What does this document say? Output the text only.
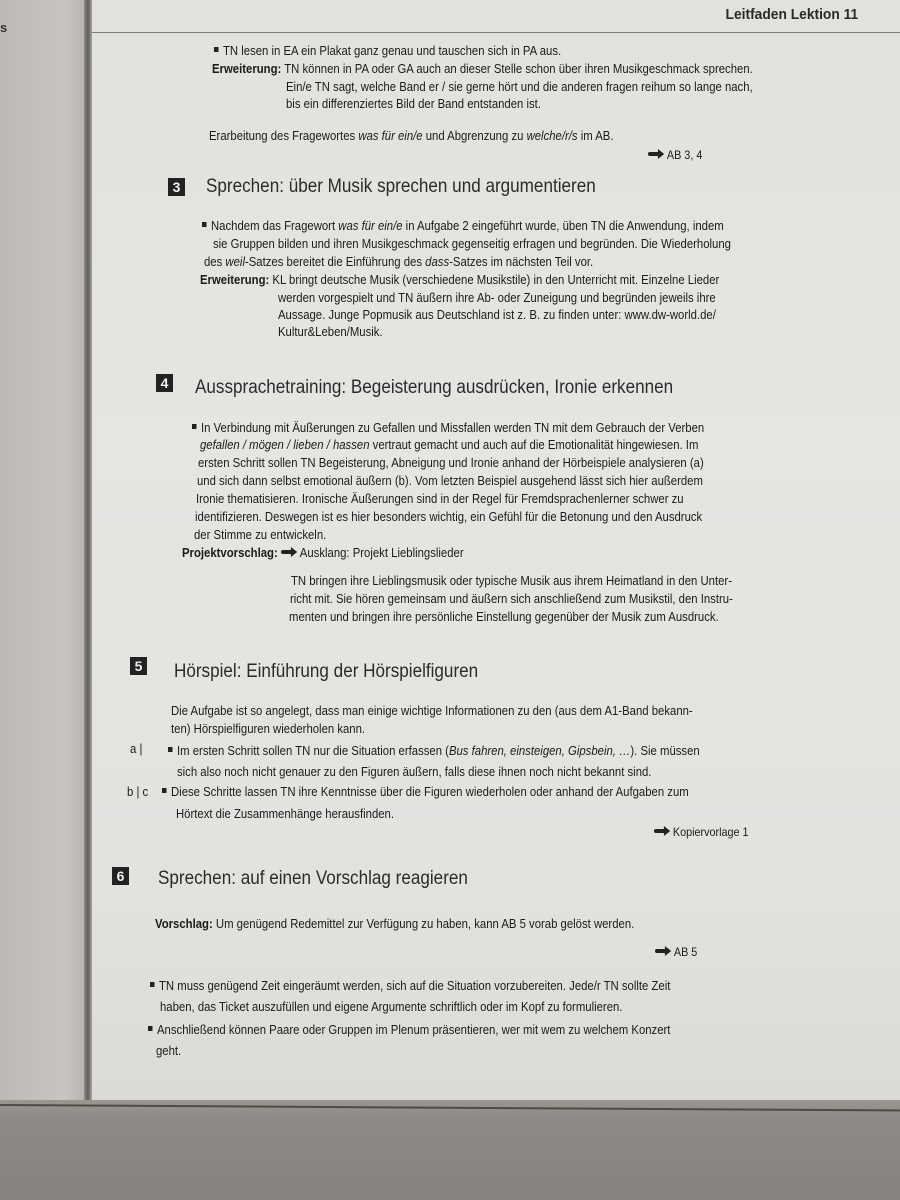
s
Leitfaden Lektion 11
TN lesen in EA ein Plakat ganz genau und tauschen sich in PA aus.
Erweiterung: TN können in PA oder GA auch an dieser Stelle schon über ihren Musikgeschmack sprechen.
Ein/e TN sagt, welche Band er / sie gerne hört und die anderen fragen reihum so lange nach,
bis ein differenziertes Bild der Band entstanden ist.
Erarbeitung des Fragewortes was für ein/e und Abgrenzung zu welche/r/s im AB.
AB 3, 4
3 Sprechen: über Musik sprechen und argumentieren
Nachdem das Fragewort was für ein/e in Aufgabe 2 eingeführt wurde, üben TN die Anwendung, indem
sie Gruppen bilden und ihren Musikgeschmack gegenseitig erfragen und begründen. Die Wiederholung
des weil-Satzes bereitet die Einführung des dass-Satzes im nächsten Teil vor.
Erweiterung: KL bringt deutsche Musik (verschiedene Musikstile) in den Unterricht mit. Einzelne Lieder
werden vorgespielt und TN äußern ihre Ab- oder Zuneigung und begründen jeweils ihre
Aussage. Junge Popmusik aus Deutschland ist z. B. zu finden unter: www.dw-world.de/
Kultur&Leben/Musik.
4 Aussprachetraining: Begeisterung ausdrücken, Ironie erkennen
In Verbindung mit Äußerungen zu Gefallen und Missfallen werden TN mit dem Gebrauch der Verben
gefallen / mögen / lieben / hassen vertraut gemacht und auch auf die Emotionalität hingewiesen. Im
ersten Schritt sollen TN Begeisterung, Abneigung und Ironie anhand der Hörbeispiele analysieren (a)
und sich dann selbst emotional äußern (b). Vom letzten Beispiel ausgehend lässt sich hier außerdem
Ironie thematisieren. Ironische Äußerungen sind in der Regel für Fremdsprachenlerner schwer zu
identifizieren. Deswegen ist es hier besonders wichtig, ein Gefühl für die Betonung und den Ausdruck
der Stimme zu entwickeln.
Projektvorschlag: Ausklang: Projekt Lieblingslieder
TN bringen ihre Lieblingsmusik oder typische Musik aus ihrem Heimatland in den Unter-
richt mit. Sie hören gemeinsam und äußern sich anschließend zum Musikstil, den Instru-
menten und bringen ihre persönliche Einstellung gegenüber der Musik zum Ausdruck.
5 Hörspiel: Einführung der Hörspielfiguren
Die Aufgabe ist so angelegt, dass man einige wichtige Informationen zu den (aus dem A1-Band bekann-
ten) Hörspielfiguren wiederholen kann.
a |	Im ersten Schritt sollen TN nur die Situation erfassen (Bus fahren, einsteigen, Gipsbein, …). Sie müssen
sich also noch nicht genauer zu den Figuren äußern, falls diese ihnen noch nicht bekannt sind.
b | c	Diese Schritte lassen TN ihre Kenntnisse über die Figuren wiederholen oder anhand der Aufgaben zum
Hörtext die Zusammenhänge herausfinden.
Kopiervorlage 1
6 Sprechen: auf einen Vorschlag reagieren
Vorschlag: Um genügend Redemittel zur Verfügung zu haben, kann AB 5 vorab gelöst werden.
AB 5
TN muss genügend Zeit eingeräumt werden, sich auf die Situation vorzubereiten. Jede/r TN sollte Zeit
haben, das Ticket auszufüllen und eigene Argumente schriftlich oder im Kopf zu formulieren.
Anschließend können Paare oder Gruppen im Plenum präsentieren, wer mit wem zu welchem Konzert
geht.
